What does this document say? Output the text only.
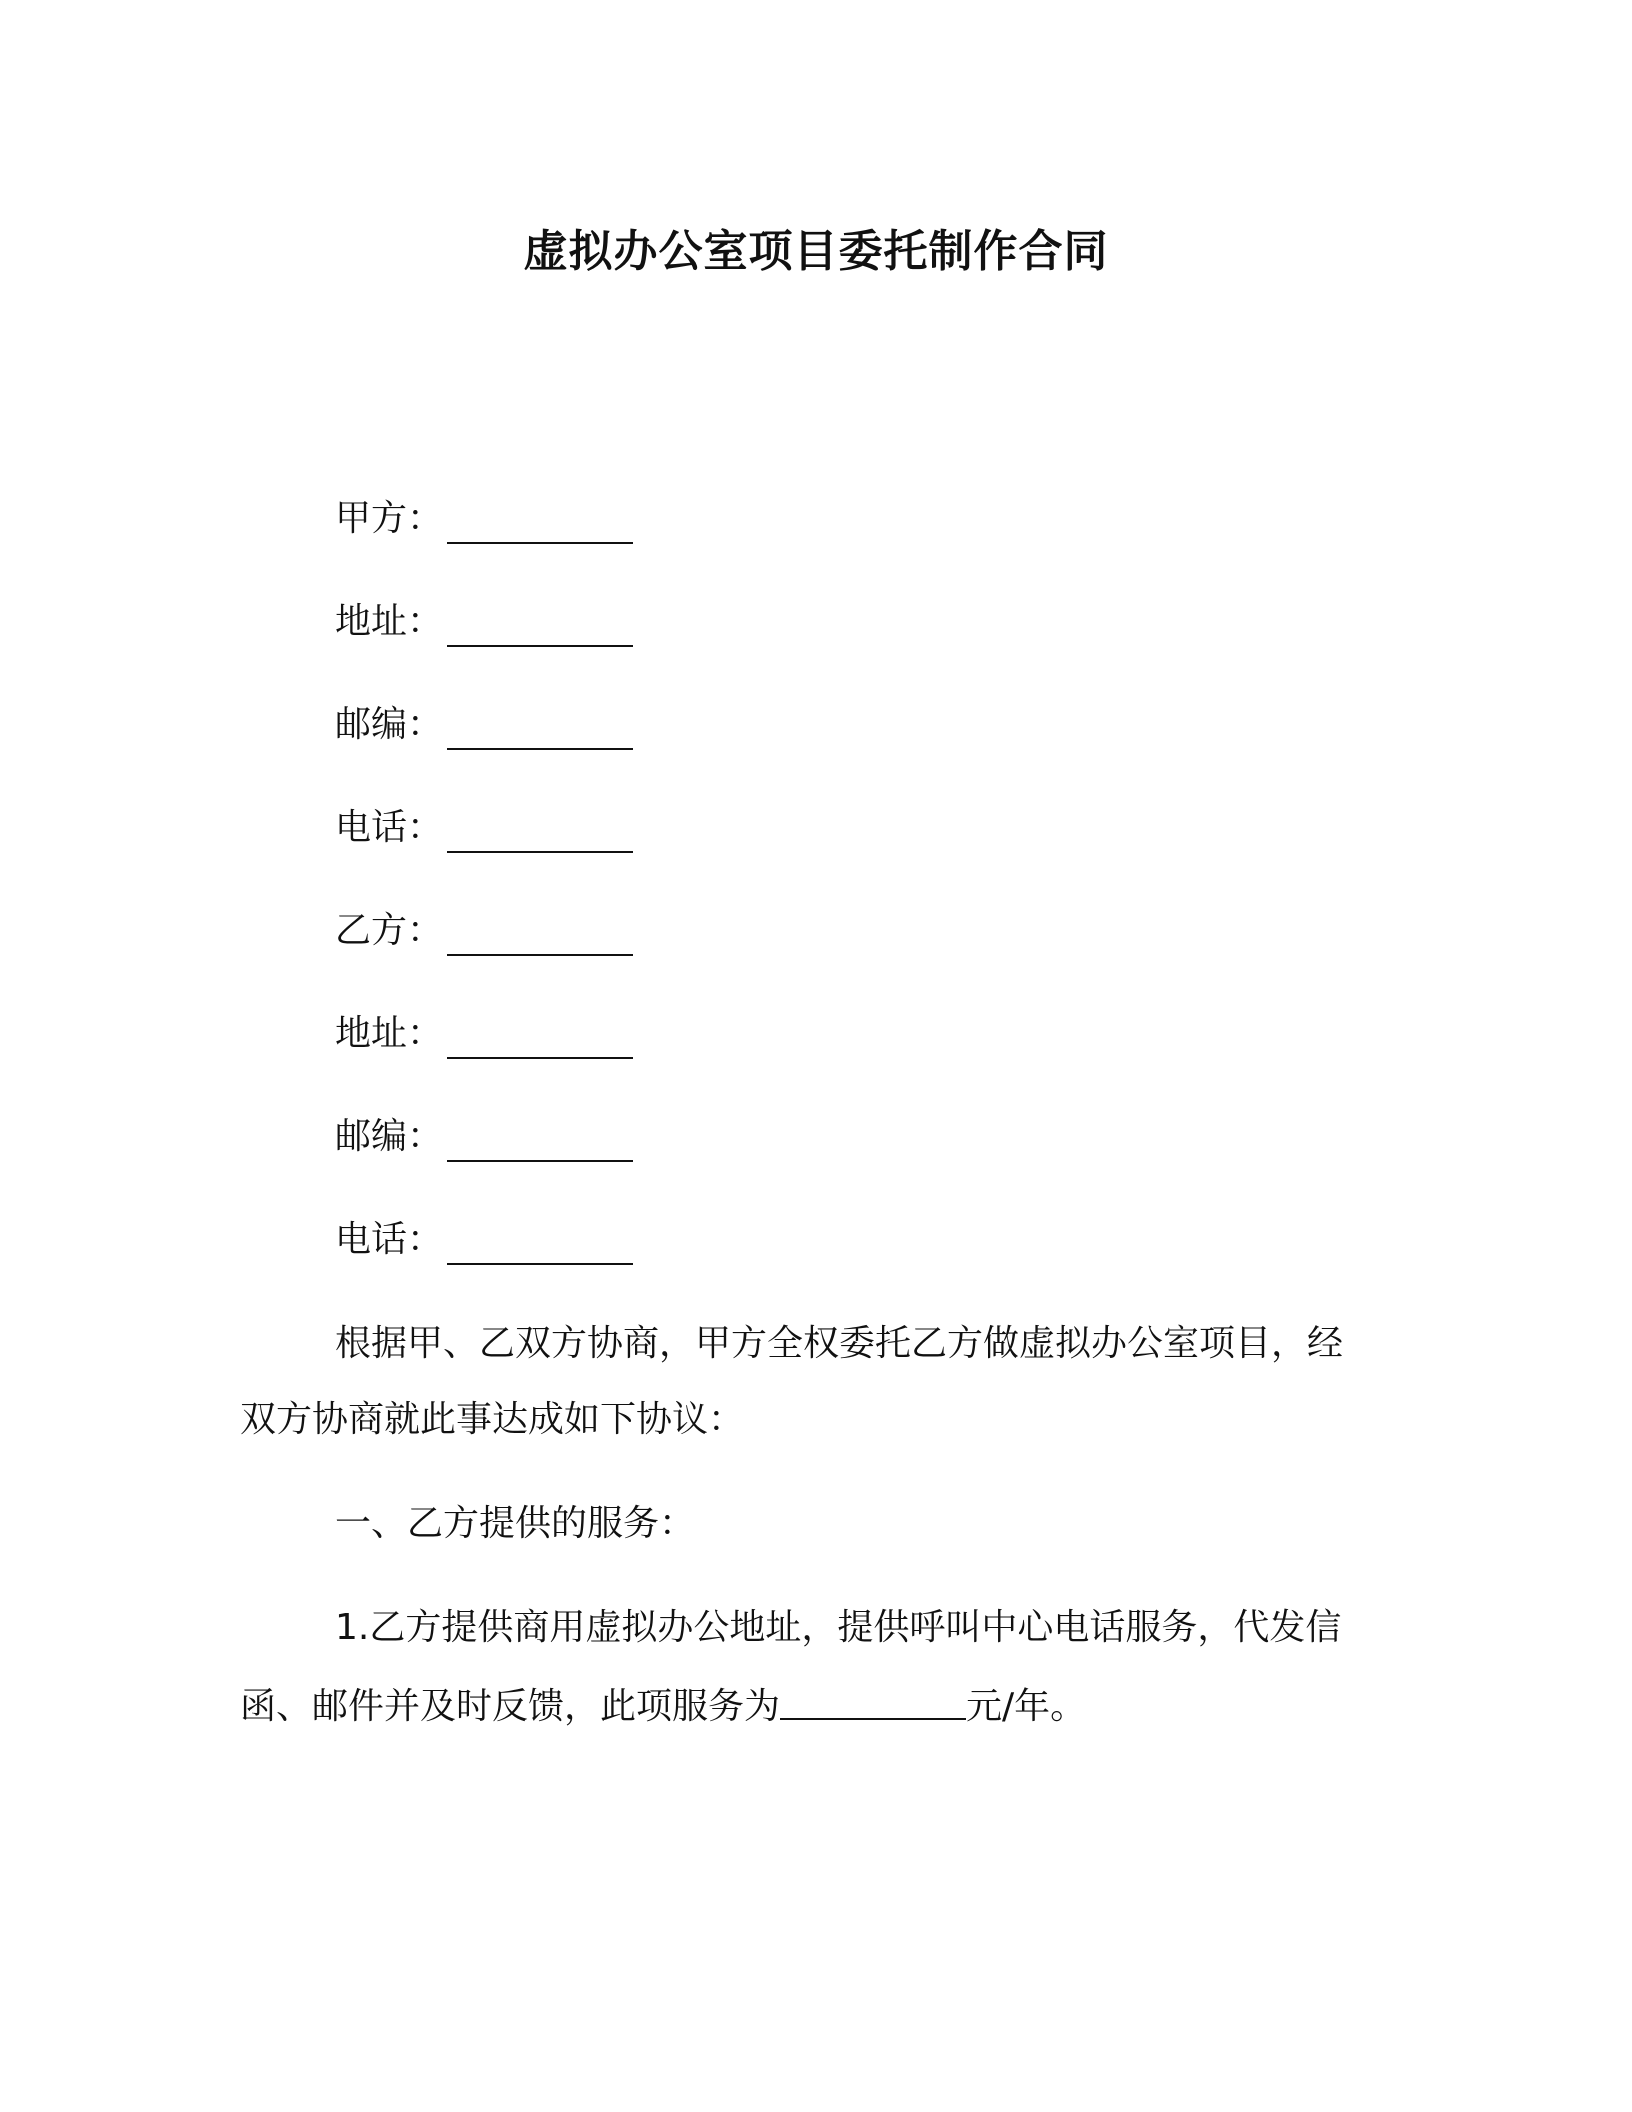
虚拟办公室项目委托制作合同
甲方：
地址：
邮编：
电话：
乙方：
地址：
邮编：
电话：
根据甲、乙双方协商，甲方全权委托乙方做虚拟办公室项目，经
双方协商就此事达成如下协议：
一、乙方提供的服务：
1.乙方提供商用虚拟办公地址，提供呼叫中心电话服务，代发信
函、邮件并及时反馈，此项服务为	元/年。
